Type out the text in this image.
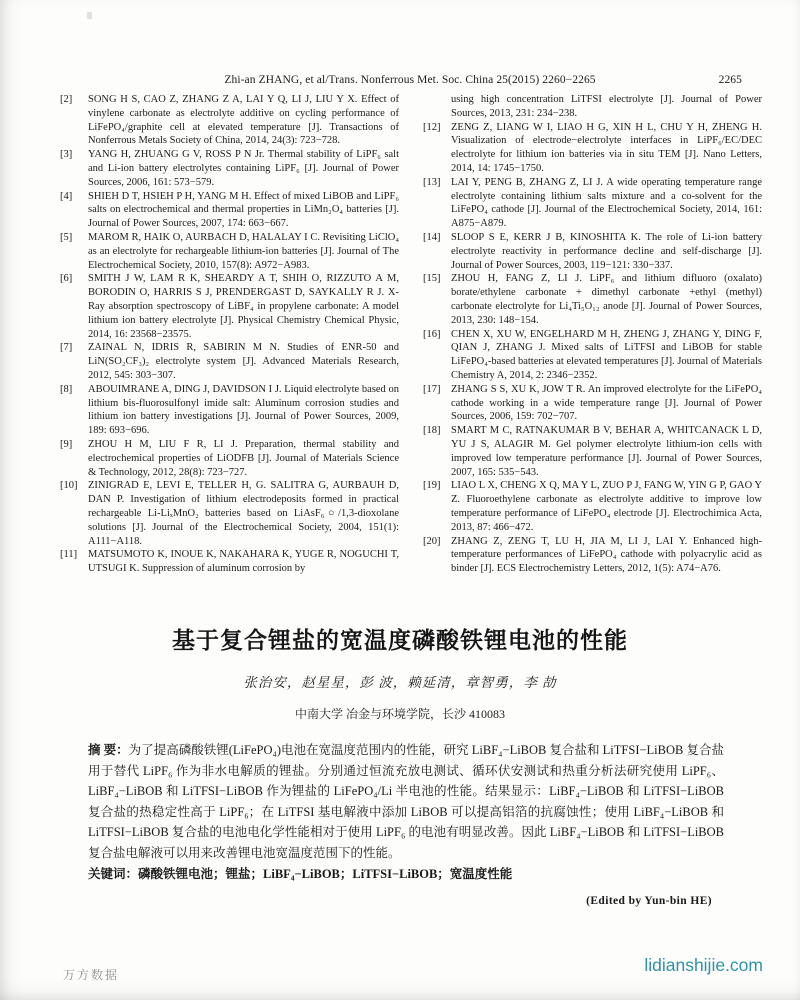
Zhi-an ZHANG, et al/Trans. Nonferrous Met. Soc. China 25(2015) 2260−2265	2265
[2] SONG H S, CAO Z, ZHANG Z A, LAI Y Q, LI J, LIU Y X. Effect of vinylene carbonate as electrolyte additive on cycling performance of LiFePO₄/graphite cell at elevated temperature [J]. Transactions of Nonferrous Metals Society of China, 2014, 24(3): 723−728.
[3] YANG H, ZHUANG G V, ROSS P N Jr. Thermal stability of LiPF₆ salt and Li-ion battery electrolytes containing LiPF₆ [J]. Journal of Power Sources, 2006, 161: 573−579.
[4] SHIEH D T, HSIEH P H, YANG M H. Effect of mixed LiBOB and LiPF₆ salts on electrochemical and thermal properties in LiMn₂O₄ batteries [J]. Journal of Power Sources, 2007, 174: 663−667.
[5] MAROM R, HAIK O, AURBACH D, HALALAY I C. Revisiting LiClO₄ as an electrolyte for rechargeable lithium-ion batteries [J]. Journal of The Electrochemical Society, 2010, 157(8): A972−A983.
[6] SMITH J W, LAM R K, SHEARDY A T, SHIH O, RIZZUTO A M, BORODIN O, HARRIS S J, PRENDERGAST D, SAYKALLY R J. X-Ray absorption spectroscopy of LiBF₄ in propylene carbonate: A model lithium ion battery electrolyte [J]. Physical Chemistry Chemical Physic, 2014, 16: 23568−23575.
[7] ZAINAL N, IDRIS R, SABIRIN M N. Studies of ENR-50 and LiN(SO₂CF₃)₂ electrolyte system [J]. Advanced Materials Research, 2012, 545: 303−307.
[8] ABOUIMRANE A, DING J, DAVIDSON I J. Liquid electrolyte based on lithium bis-fluorosulfonyl imide salt: Aluminum corrosion studies and lithium ion battery investigations [J]. Journal of Power Sources, 2009, 189: 693−696.
[9] ZHOU H M, LIU F R, LI J. Preparation, thermal stability and electrochemical properties of LiODFB [J]. Journal of Materials Science & Technology, 2012, 28(8): 723−727.
[10] ZINIGRAD E, LEVI E, TELLER H, G. SALITRA G, AURBAUH D, DAN P. Investigation of lithium electrodeposits formed in practical rechargeable Li-LiₓMnO₂ batteries based on LiAsF₆○/1,3-dioxolane solutions [J]. Journal of the Electrochemical Society, 2004, 151(1): A111−A118.
[11] MATSUMOTO K, INOUE K, NAKAHARA K, YUGE R, NOGUCHI T, UTSUGI K. Suppression of aluminum corrosion by
using high concentration LiTFSI electrolyte [J]. Journal of Power Sources, 2013, 231: 234−238.
[12] ZENG Z, LIANG W I, LIAO H G, XIN H L, CHU Y H, ZHENG H. Visualization of electrode−electrolyte interfaces in LiPF₆/EC/DEC electrolyte for lithium ion batteries via in situ TEM [J]. Nano Letters, 2014, 14: 1745−1750.
[13] LAI Y, PENG B, ZHANG Z, LI J. A wide operating temperature range electrolyte containing lithium salts mixture and a co-solvent for the LiFePO₄ cathode [J]. Journal of the Electrochemical Society, 2014, 161: A875−A879.
[14] SLOOP S E, KERR J B, KINOSHITA K. The role of Li-ion battery electrolyte reactivity in performance decline and self-discharge [J]. Journal of Power Sources, 2003, 119−121: 330−337.
[15] ZHOU H, FANG Z, LI J. LiPF₆ and lithium difluoro (oxalato) borate/ethylene carbonate + dimethyl carbonate +ethyl (methyl) carbonate electrolyte for Li₄Ti₅O₁₂ anode [J]. Journal of Power Sources, 2013, 230: 148−154.
[16] CHEN X, XU W, ENGELHARD M H, ZHENG J, ZHANG Y, DING F, QIAN J, ZHANG J. Mixed salts of LiTFSI and LiBOB for stable LiFePO₄-based batteries at elevated temperatures [J]. Journal of Materials Chemistry A, 2014, 2: 2346−2352.
[17] ZHANG S S, XU K, JOW T R. An improved electrolyte for the LiFePO₄ cathode working in a wide temperature range [J]. Journal of Power Sources, 2006, 159: 702−707.
[18] SMART M C, RATNAKUMAR B V, BEHAR A, WHITCANACK L D, YU J S, ALAGIR M. Gel polymer electrolyte lithium-ion cells with improved low temperature performance [J]. Journal of Power Sources, 2007, 165: 535−543.
[19] LIAO L X, CHENG X Q, MA Y L, ZUO P J, FANG W, YIN G P, GAO Y Z. Fluoroethylene carbonate as electrolyte additive to improve low temperature performance of LiFePO₄ electrode [J]. Electrochimica Acta, 2013, 87: 466−472.
[20] ZHANG Z, ZENG T, LU H, JIA M, LI J, LAI Y. Enhanced high-temperature performances of LiFePO₄ cathode with polyacrylic acid as binder [J]. ECS Electrochemistry Letters, 2012, 1(5): A74−A76.
基于复合锂盐的宽温度磷酸铁锂电池的性能
张治安，赵星星，彭 波，赖延清，章智勇，李 劼
中南大学 冶金与环境学院，长沙 410083

摘 要：为了提高磷酸铁锂(LiFePO₄)电池在宽温度范围内的性能，研究 LiBF₄−LiBOB 复合盐和 LiTFSI−LiBOB 复合盐用于替代 LiPF₆ 作为非水电解质的锂盐。分别通过恒流充放电测试、循环伏安测试和热重分析法研究使用 LiPF₆、LiBF₄−LiBOB 和 LiTFSI−LiBOB 作为锂盐的 LiFePO₄/Li 半电池的性能。结果显示：LiBF₄−LiBOB 和 LiTFSI−LiBOB 复合盐的热稳定性高于 LiPF₆；在 LiTFSI 基电解液中添加 LiBOB 可以提高铝箔的抗腐蚀性；使用 LiBF₄−LiBOB 和 LiTFSI−LiBOB 复合盐的电池电化学性能相对于使用 LiPF₆ 的电池有明显改善。因此 LiBF₄−LiBOB 和 LiTFSI−LiBOB 复合盐电解液可以用来改善锂电池宽温度范围下的性能。

关键词：磷酸铁锂电池；锂盐；LiBF₄−LiBOB；LiTFSI−LiBOB；宽温度性能

(Edited by Yun-bin HE)
万方数据	lidianshijie.com
